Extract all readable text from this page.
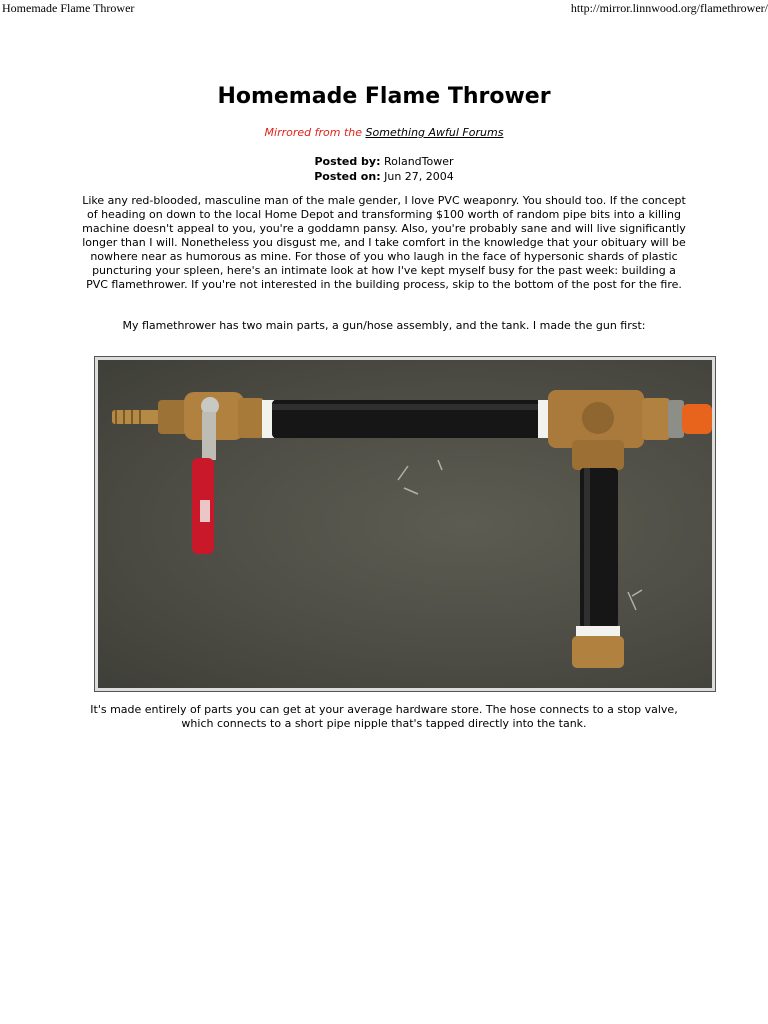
Homemade Flame Thrower	http://mirror.linnwood.org/flamethrower/
Homemade Flame Thrower
Mirrored from the Something Awful Forums
Posted by: RolandTower
Posted on: Jun 27, 2004

Like any red-blooded, masculine man of the male gender, I love PVC weaponry. You should too. If the concept of heading on down to the local Home Depot and transforming $100 worth of random pipe bits into a killing machine doesn't appeal to you, you're a goddamn pansy. Also, you're probably sane and will live significantly longer than I will. Nonetheless you disgust me, and I take comfort in the knowledge that your obituary will be nowhere near as humorous as mine. For those of you who laugh in the face of hypersonic shards of plastic puncturing your spleen, here's an intimate look at how I've kept myself busy for the past week: building a PVC flamethrower. If you're not interested in the building process, skip to the bottom of the post for the fire.

My flamethrower has two main parts, a gun/hose assembly, and the tank. I made the gun first:

It's made entirely of parts you can get at your average hardware store. The hose connects to a stop valve, which connects to a short pipe nipple that's tapped directly into the tank.
